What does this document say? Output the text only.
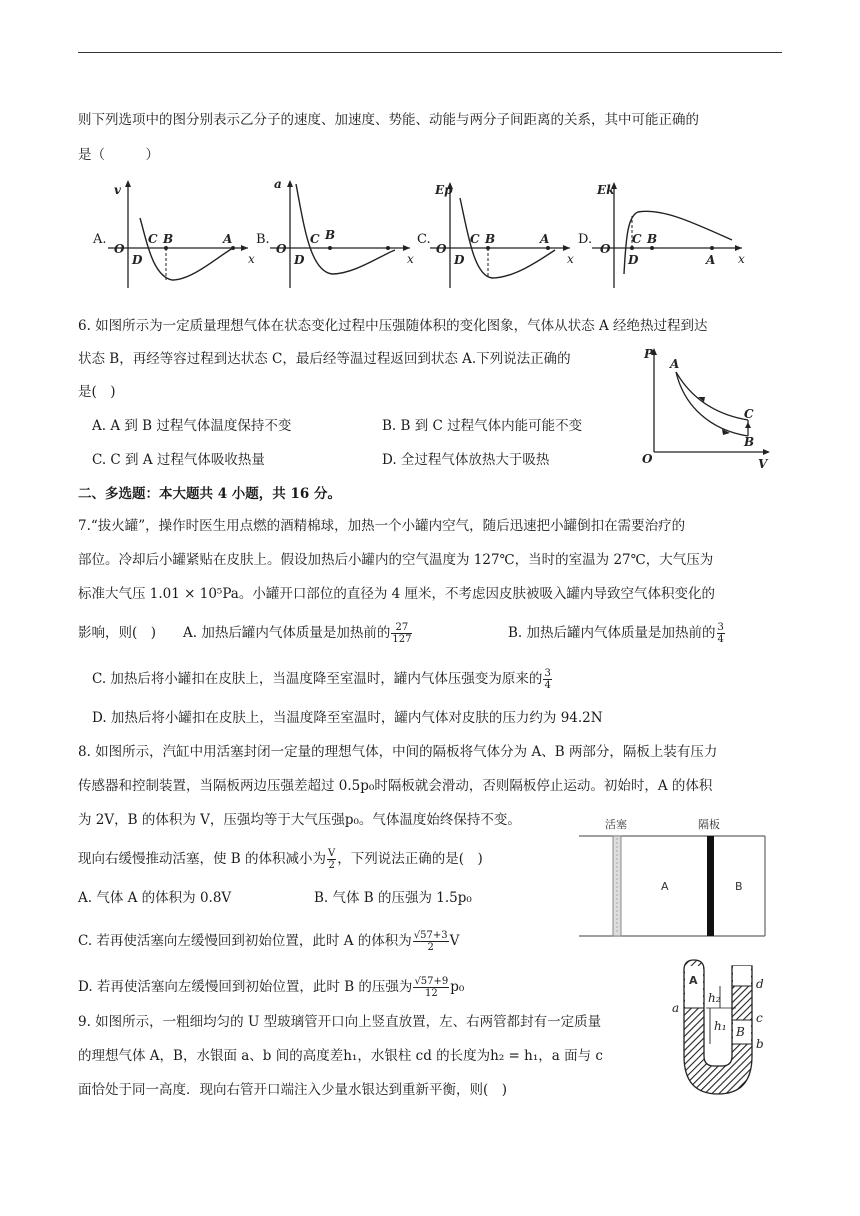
则下列选项中的图分别表示乙分子的速度、加速度、势能、动能与两分子间距离的关系，其中可能正确的
是（　　　）
A.	B.	C.	D.
v
O
C B	A
D	x
a
O
C B
D	x
Ep
O
C B	A
D	x
Ek
O
C B
D	A x
6. 如图所示为一定质量理想气体在状态变化过程中压强随体积的变化图象，气体从状态 A 经绝热过程到达
状态 B，再经等容过程到达状态 C，最后经等温过程返回到状态 A.下列说法正确的
是(　)
A. A 到 B 过程气体温度保持不变	B. B 到 C 过程气体内能可能不变
C. C 到 A 过程气体吸收热量	D. 全过程气体放热大于吸热
P
O	V
A
C
B
二、多选题：本大题共 4 小题，共 16 分。
7.“拔火罐”，操作时医生用点燃的酒精棉球，加热一个小罐内空气，随后迅速把小罐倒扣在需要治疗的
部位。冷却后小罐紧贴在皮肤上。假设加热后小罐内的空气温度为 127℃，当时的室温为 27℃，大气压为
标准大气压 1.01 × 10⁵Pa。小罐开口部位的直径为 4 厘米，不考虑因皮肤被吸入罐内导致空气体积变化的
影响，则(　)　　A. 加热后罐内气体质量是加热前的 $\frac{27}{127}$	B. 加热后罐内气体质量是加热前的 $\frac{3}{4}$
C. 加热后将小罐扣在皮肤上，当温度降至室温时，罐内气体压强变为原来的 $\frac{3}{4}$
D. 加热后将小罐扣在皮肤上，当温度降至室温时，罐内气体对皮肤的压力约为 94.2N
8. 如图所示，汽缸中用活塞封闭一定量的理想气体，中间的隔板将气体分为 A、B 两部分，隔板上装有压力
传感器和控制装置，当隔板两边压强差超过 0.5p₀时隔板就会滑动，否则隔板停止运动。初始时，A 的体积
为 2V，B 的体积为 V，压强均等于大气压强p₀。气体温度始终保持不变。
现向右缓慢推动活塞，使 B 的体积减小为 $\frac{V}{2}$ ，下列说法正确的是(　)
A. 气体 A 的体积为 0.8V	B. 气体 B 的压强为 1.5p₀
C. 若再使活塞向左缓慢回到初始位置，此时 A 的体积为 $\frac{√57+3}{2}$ V
D. 若再使活塞向左缓慢回到初始位置，此时 B 的压强为 $\frac{√57+9}{12} p_0$
活塞	隔板
A	B
9. 如图所示，一粗细均匀的 U 型玻璃管开口向上竖直放置，左、右两管都封有一定质量
的理想气体 A，B，水银面 a、b 间的高度差h₁，水银柱 cd 的长度为h₂ = h₁，a 面与 c
面恰处于同一高度．现向右管开口端注入少量水银达到重新平衡，则(　)
A
B
h₂
h₁
a
b
c
d
